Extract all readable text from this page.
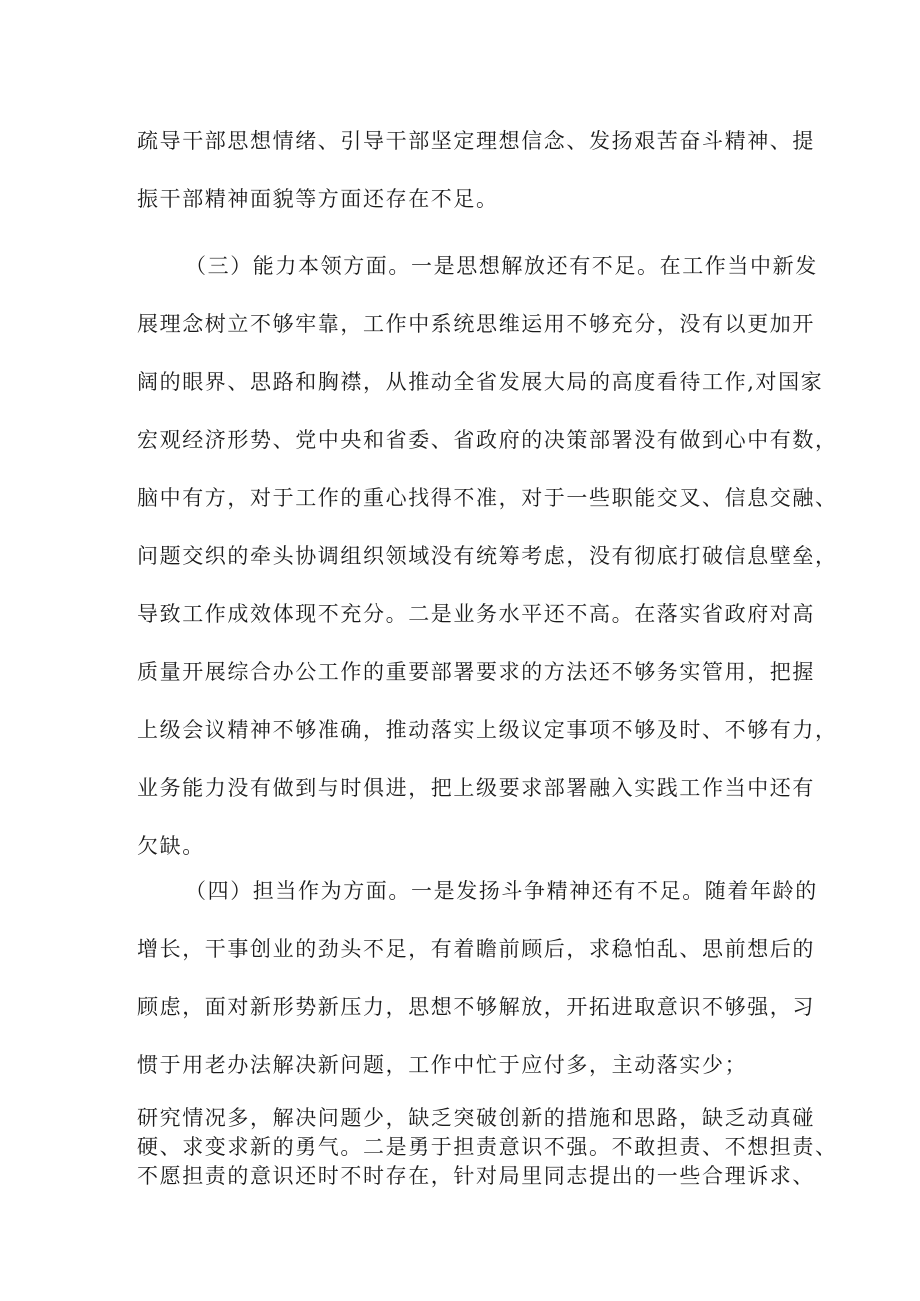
疏导干部思想情绪、引导干部坚定理想信念、发扬艰苦奋斗精神、提
振干部精神面貌等方面还存在不足。
（三）能力本领方面。一是思想解放还有不足。在工作当中新发
展理念树立不够牢靠，工作中系统思维运用不够充分，没有以更加开
阔的眼界、思路和胸襟，从推动全省发展大局的高度看待工作,对国家
宏观经济形势、党中央和省委、省政府的决策部署没有做到心中有数，
脑中有方，对于工作的重心找得不准，对于一些职能交叉、信息交融、
问题交织的牵头协调组织领域没有统筹考虑，没有彻底打破信息壁垒，
导致工作成效体现不充分。二是业务水平还不高。在落实省政府对高
质量开展综合办公工作的重要部署要求的方法还不够务实管用，把握
上级会议精神不够准确，推动落实上级议定事项不够及时、不够有力，
业务能力没有做到与时俱进，把上级要求部署融入实践工作当中还有
欠缺。
（四）担当作为方面。一是发扬斗争精神还有不足。随着年龄的
增长，干事创业的劲头不足，有着瞻前顾后，求稳怕乱、思前想后的
顾虑，面对新形势新压力，思想不够解放，开拓进取意识不够强，习
惯于用老办法解决新问题，工作中忙于应付多，主动落实少；
研究情况多，解决问题少，缺乏突破创新的措施和思路，缺乏动真碰
硬、求变求新的勇气。二是勇于担责意识不强。不敢担责、不想担责、
不愿担责的意识还时不时存在，针对局里同志提出的一些合理诉求、
